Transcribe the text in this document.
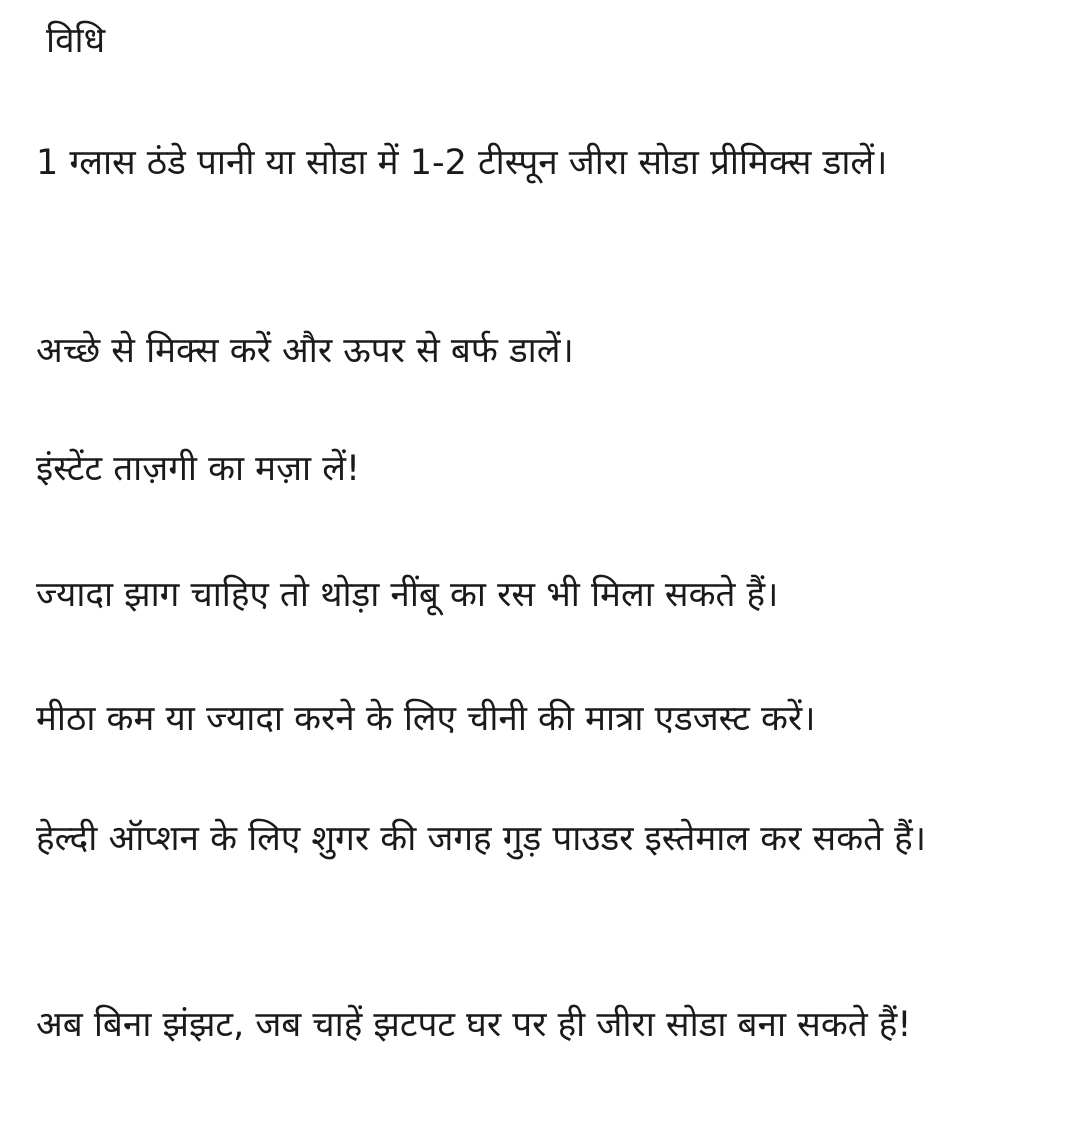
विधि
1 ग्लास ठंडे पानी या सोडा में 1-2 टीस्पून जीरा सोडा प्रीमिक्स डालें।
अच्छे से मिक्स करें और ऊपर से बर्फ डालें।
इंस्टेंट ताज़गी का मज़ा लें!
ज्यादा झाग चाहिए तो थोड़ा नींबू का रस भी मिला सकते हैं।
मीठा कम या ज्यादा करने के लिए चीनी की मात्रा एडजस्ट करें।
हेल्दी ऑप्शन के लिए शुगर की जगह गुड़ पाउडर इस्तेमाल कर सकते हैं।
अब बिना झंझट, जब चाहें झटपट घर पर ही जीरा सोडा बना सकते हैं!
